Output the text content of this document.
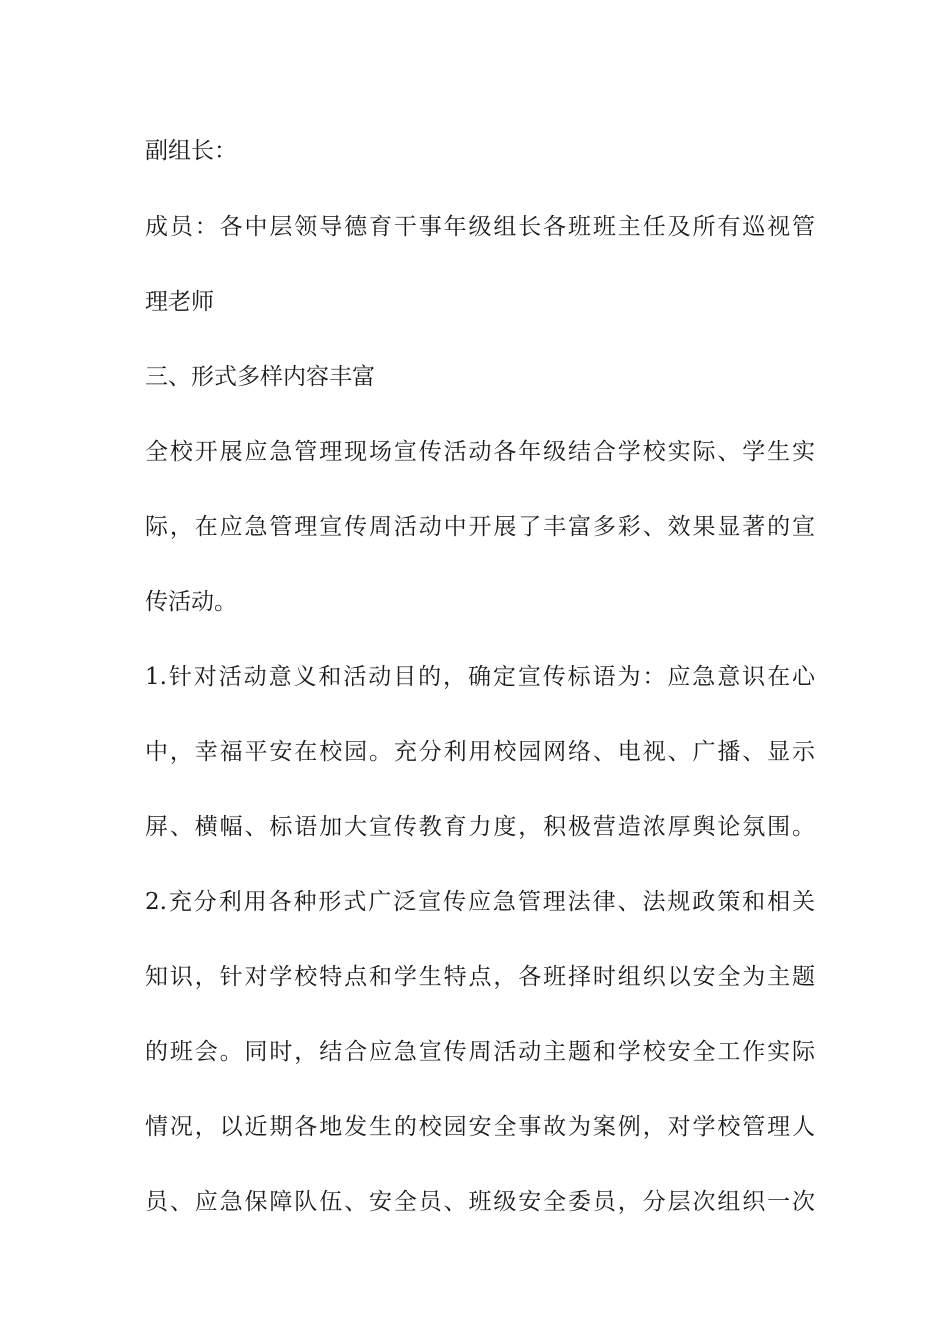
副组长：
成员：各中层领导德育干事年级组长各班班主任及所有巡视管
理老师
三、形式多样内容丰富
全校开展应急管理现场宣传活动各年级结合学校实际、学生实
际，在应急管理宣传周活动中开展了丰富多彩、效果显著的宣
传活动。
1.针对活动意义和活动目的，确定宣传标语为：应急意识在心
中，幸福平安在校园。充分利用校园网络、电视、广播、显示
屏、横幅、标语加大宣传教育力度，积极营造浓厚舆论氛围。
2.充分利用各种形式广泛宣传应急管理法律、法规政策和相关
知识，针对学校特点和学生特点，各班择时组织以安全为主题
的班会。同时，结合应急宣传周活动主题和学校安全工作实际
情况，以近期各地发生的校园安全事故为案例，对学校管理人
员、应急保障队伍、安全员、班级安全委员，分层次组织一次
